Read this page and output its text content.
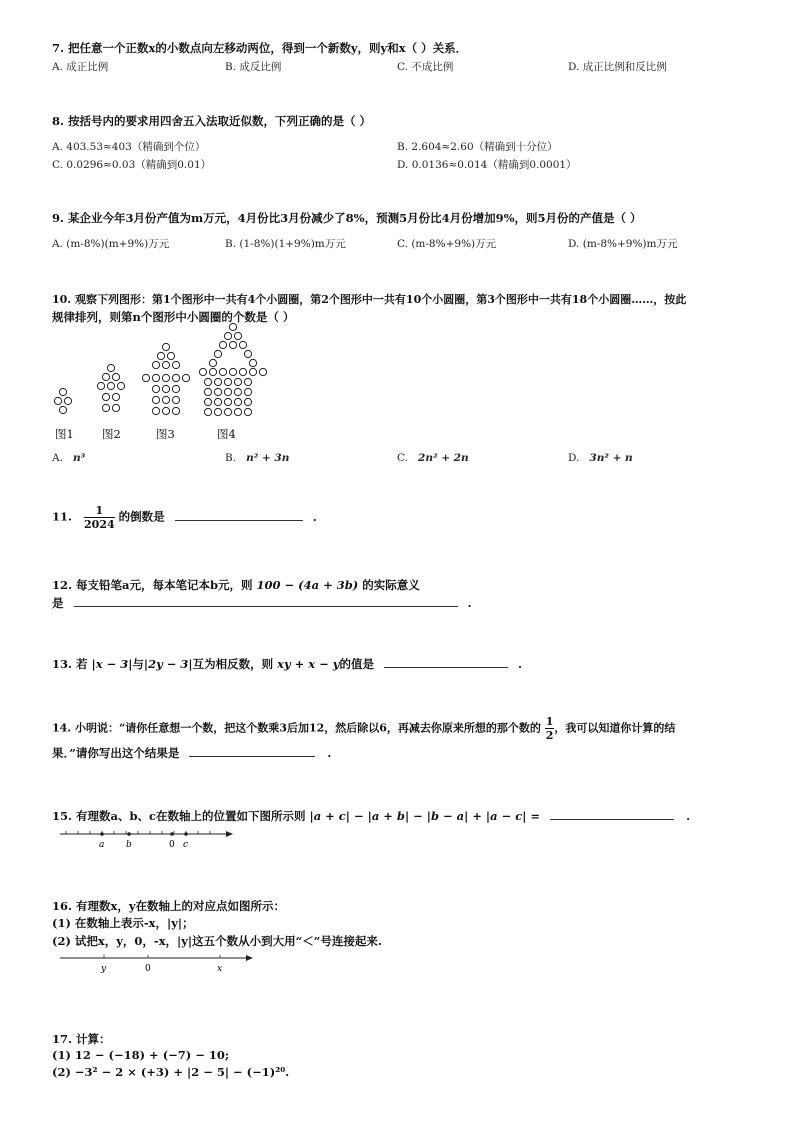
7. 把任意一个正数x的小数点向左移动两位，得到一个新数y，则y和x（ ）关系．
A. 成正比例	B. 成反比例	C. 不成比例	D. 成正比例和反比例
8. 按括号内的要求用四舍五入法取近似数，下列正确的是（ ）
A. 403.53≈403（精确到个位）	B. 2.604≈2.60（精确到十分位）
C. 0.0296≈0.03（精确到0.01）	D. 0.0136≈0.014（精确到0.0001）
9. 某企业今年3月份产值为m万元，4月份比3月份减少了8%，预测5月份比4月份增加9%，则5月份的产值是（ ）
A. (m-8%)(m+9%)万元	B. (1-8%)(1+9%)m万元	C. (m-8%+9%)万元	D. (m-8%+9%)m万元
10. 观察下列图形：第1个图形中一共有4个小圆圈，第2个图形中一共有10个小圆圈，第3个图形中一共有18个小圆圈……，按此
规律排列，则第n个图形中小圆圈的个数是（ ）
图1 图2	图3	图4
A. n³	B. n² + 3n	C. 2n² + 2n	D. 3n² + n
11. $\frac{1}{2024}$ 的倒数是	.
12. 每支铅笔a元，每本笔记本b元，则 100 − (4a + 3b) 的实际意义
是	.
13. 若 |x − 3|与|2y − 3|互为相反数，则 xy + x − y的值是	.
14. 小明说：“请你任意想一个数，把这个数乘3后加12，然后除以6，再减去你原来所想的那个数的 $\frac{1}{2}$ ，我可以知道你计算的结
果．”请你写出这个结果是	.
15. 有理数a、b、c在数轴上的位置如下图所示则 |a + c| − |a + b| − |b − a| + |a − c| =	.
a b	0 c
16. 有理数x，y在数轴上的对应点如图所示：
(1) 在数轴上表示-x，|y|；
(2) 试把x，y，0，-x，|y|这五个数从小到大用“＜”号连接起来.
y	0	x
17. 计算：
(1) 12 − (−18) + (−7) − 10;
(2) −3² − 2 × (+3) + |2 − 5| − (−1)²⁰.
